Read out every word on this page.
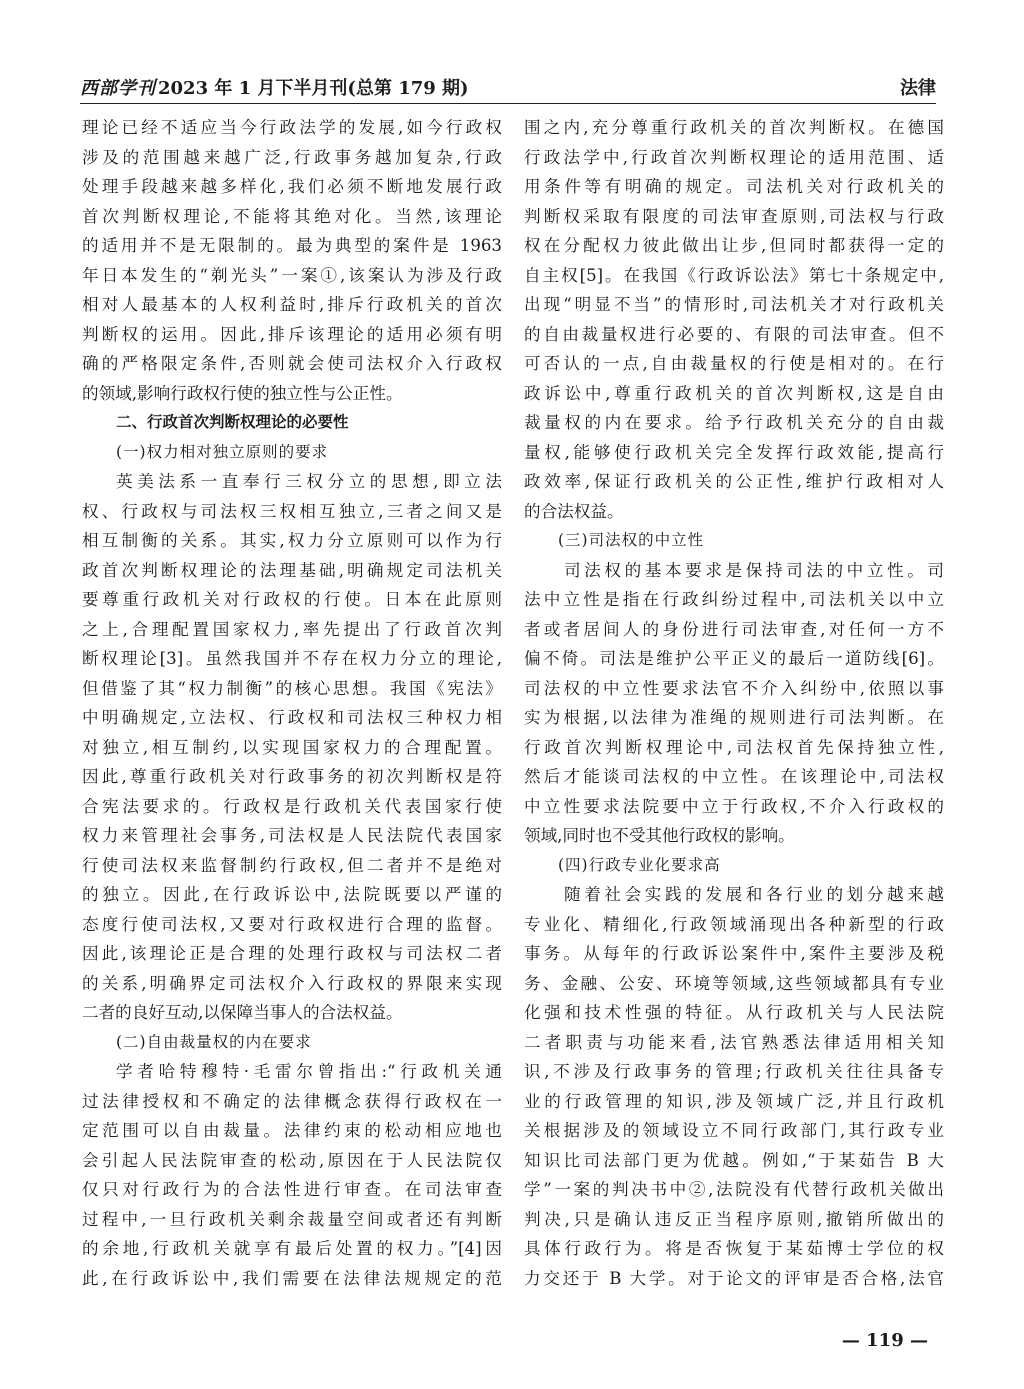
西部学刊 2023 年 1 月下半月刊(总第 179 期)	法律
理论已经不适应当今行政法学的发展,如今行政权
涉及的范围越来越广泛,行政事务越加复杂,行政
处理手段越来越多样化,我们必须不断地发展行政
首次判断权理论,不能将其绝对化。当然,该理论
的适用并不是无限制的。最为典型的案件是 1963
年日本发生的“剃光头”一案①,该案认为涉及行政
相对人最基本的人权利益时,排斥行政机关的首次
判断权的运用。因此,排斥该理论的适用必须有明
确的严格限定条件,否则就会使司法权介入行政权
的领域,影响行政权行使的独立性与公正性。
二、行政首次判断权理论的必要性
(一)权力相对独立原则的要求
英美法系一直奉行三权分立的思想,即立法
权、行政权与司法权三权相互独立,三者之间又是
相互制衡的关系。其实,权力分立原则可以作为行
政首次判断权理论的法理基础,明确规定司法机关
要尊重行政机关对行政权的行使。日本在此原则
之上,合理配置国家权力,率先提出了行政首次判
断权理论[3]。虽然我国并不存在权力分立的理论,
但借鉴了其“权力制衡”的核心思想。我国《宪法》
中明确规定,立法权、行政权和司法权三种权力相
对独立,相互制约,以实现国家权力的合理配置。
因此,尊重行政机关对行政事务的初次判断权是符
合宪法要求的。行政权是行政机关代表国家行使
权力来管理社会事务,司法权是人民法院代表国家
行使司法权来监督制约行政权,但二者并不是绝对
的独立。因此,在行政诉讼中,法院既要以严谨的
态度行使司法权,又要对行政权进行合理的监督。
因此,该理论正是合理的处理行政权与司法权二者
的关系,明确界定司法权介入行政权的界限来实现
二者的良好互动,以保障当事人的合法权益。
(二)自由裁量权的内在要求
学者哈特穆特·毛雷尔曾指出:“行政机关通
过法律授权和不确定的法律概念获得行政权在一
定范围可以自由裁量。法律约束的松动相应地也
会引起人民法院审查的松动,原因在于人民法院仅
仅只对行政行为的合法性进行审查。在司法审查
过程中,一旦行政机关剩余裁量空间或者还有判断
的余地,行政机关就享有最后处置的权力。”[4]因
此,在行政诉讼中,我们需要在法律法规规定的范
围之内,充分尊重行政机关的首次判断权。在德国
行政法学中,行政首次判断权理论的适用范围、适
用条件等有明确的规定。司法机关对行政机关的
判断权采取有限度的司法审查原则,司法权与行政
权在分配权力彼此做出让步,但同时都获得一定的
自主权[5]。在我国《行政诉讼法》第七十条规定中,
出现“明显不当”的情形时,司法机关才对行政机关
的自由裁量权进行必要的、有限的司法审查。但不
可否认的一点,自由裁量权的行使是相对的。在行
政诉讼中,尊重行政机关的首次判断权,这是自由
裁量权的内在要求。给予行政机关充分的自由裁
量权,能够使行政机关完全发挥行政效能,提高行
政效率,保证行政机关的公正性,维护行政相对人
的合法权益。
(三)司法权的中立性
司法权的基本要求是保持司法的中立性。司
法中立性是指在行政纠纷过程中,司法机关以中立
者或者居间人的身份进行司法审查,对任何一方不
偏不倚。司法是维护公平正义的最后一道防线[6]。
司法权的中立性要求法官不介入纠纷中,依照以事
实为根据,以法律为准绳的规则进行司法判断。在
行政首次判断权理论中,司法权首先保持独立性,
然后才能谈司法权的中立性。在该理论中,司法权
中立性要求法院要中立于行政权,不介入行政权的
领域,同时也不受其他行政权的影响。
(四)行政专业化要求高
随着社会实践的发展和各行业的划分越来越
专业化、精细化,行政领域涌现出各种新型的行政
事务。从每年的行政诉讼案件中,案件主要涉及税
务、金融、公安、环境等领域,这些领域都具有专业
化强和技术性强的特征。从行政机关与人民法院
二者职责与功能来看,法官熟悉法律适用相关知
识,不涉及行政事务的管理;行政机关往往具备专
业的行政管理的知识,涉及领域广泛,并且行政机
关根据涉及的领域设立不同行政部门,其行政专业
知识比司法部门更为优越。例如,“于某茹告 B 大
学”一案的判决书中②,法院没有代替行政机关做出
判决,只是确认违反正当程序原则,撤销所做出的
具体行政行为。将是否恢复于某茹博士学位的权
力交还于 B 大学。对于论文的评审是否合格,法官
— 119 —
